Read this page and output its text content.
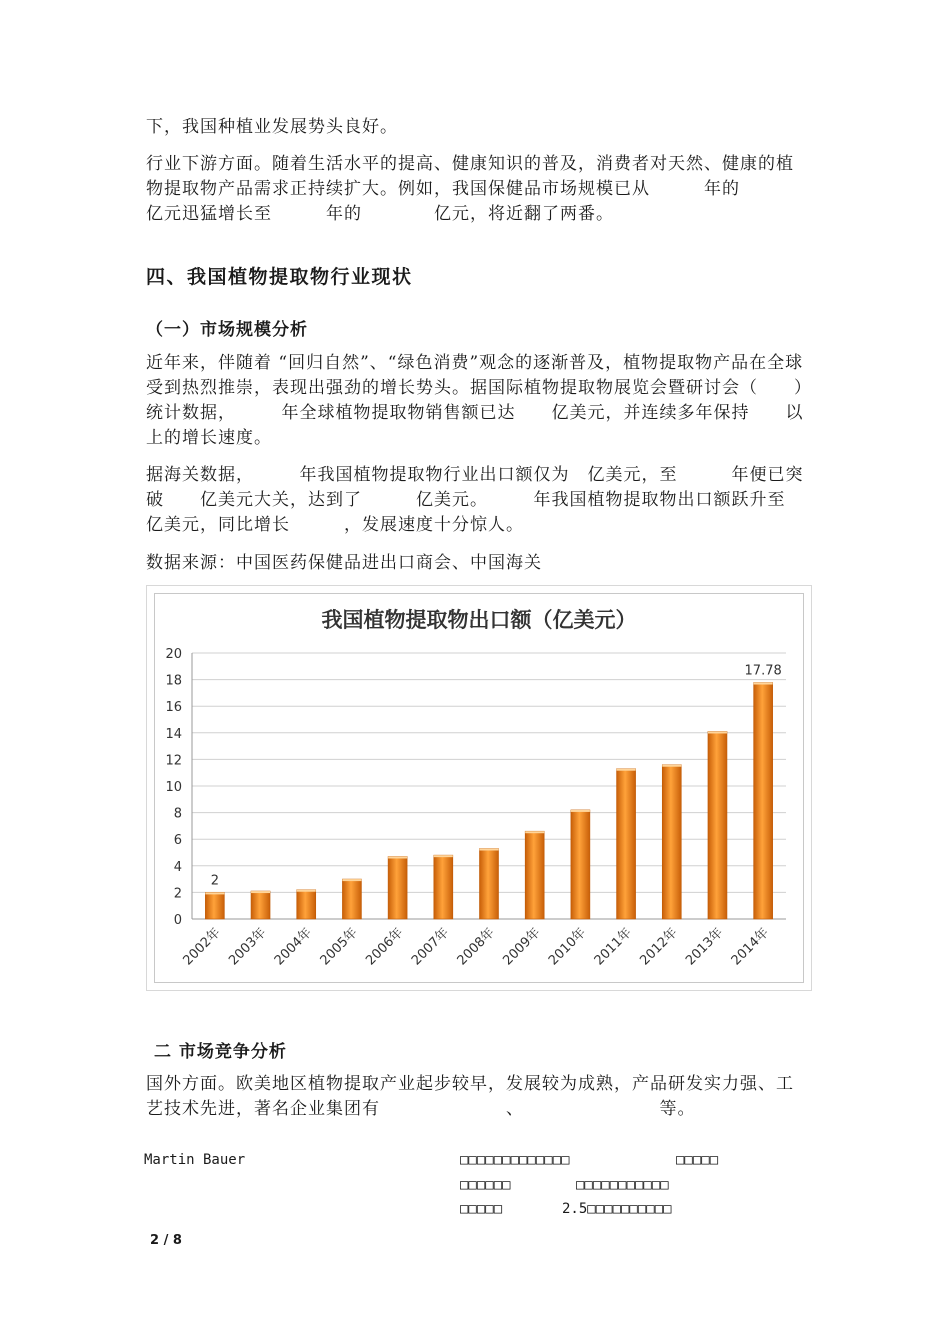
下，我国种植业发展势头良好。

行业下游方面。随着生活水平的提高、健康知识的普及，消费者对天然、健康的植物提取物产品需求正持续扩大。例如，我国保健品市场规模已从　　　年的　　　　亿元迅猛增长至　　　年的　　　　亿元，将近翻了两番。

四、我国植物提取物行业现状
（一）市场规模分析

近年来，伴随着 “回归自然”、“绿色消费”观念的逐渐普及，植物提取物产品在全球受到热烈推崇，表现出强劲的增长势头。据国际植物提取物展览会暨研讨会（　　）统计数据，　　　年全球植物提取物销售额已达　　亿美元，并连续多年保持　　以上的增长速度。

据海关数据，　　　年我国植物提取物行业出口额仅为　亿美元，至　　　年便已突破　　亿美元大关，达到了　　　亿美元。　　　年我国植物提取物出口额跃升至　　　亿美元，同比增长　　　，发展速度十分惊人。

数据来源：中国医药保健品进出口商会、中国海关

我国植物提取物出口额（亿美元）
0
2
4
6
8
10
12
14
16
18
20
2
2002年 2003年 2004年 2005年 2006年 2007年 2008年 2009年 2010年 2011年 2012年 2013年
17.78
2014年
二 市场竞争分析

国外方面。欧美地区植物提取产业起步较早，发展较为成熟，产品研发实力强、工艺技术先进，著名企业集团有　　　　　　　、　　　　　　　　等。

Martin Bauer	□□□□□□□□□□□□□	□□□□□

□□□□□□	□□□□□□□□□□□

□□□□□	2.5□□□□□□□□□□

2 / 8
